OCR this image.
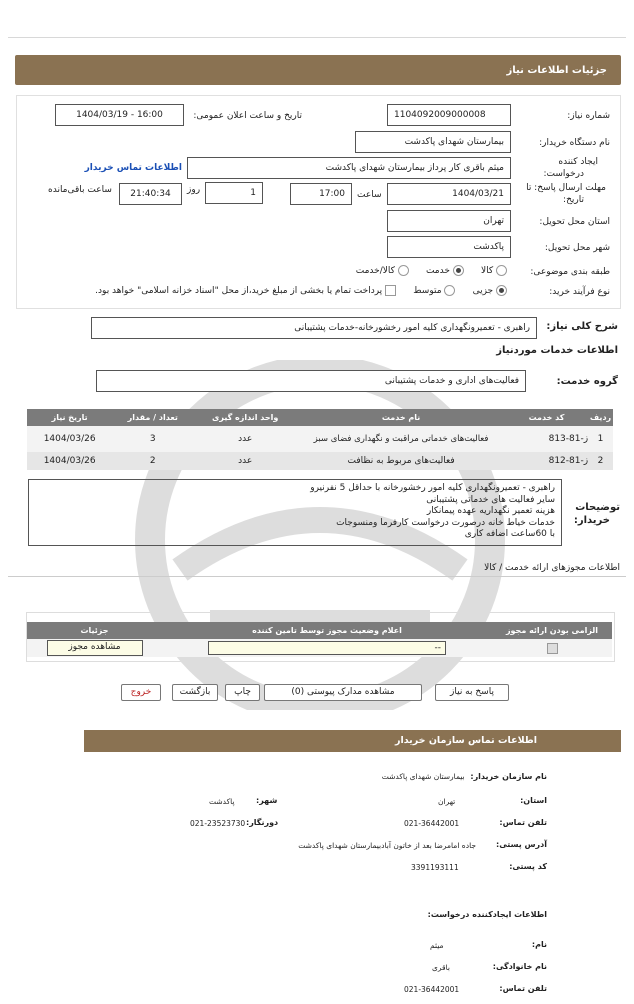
جزئیات اطلاعات نیاز
شماره نیاز:
1104092009000008
تاریخ و ساعت اعلان عمومی:
1404/03/19 - 16:00
نام دستگاه خریدار:
بیمارستان شهدای پاکدشت
ایجاد کننده
درخواست:
میثم باقری کار پرداز بیمارستان شهدای پاکدشت
اطلاعات تماس خریدار
مهلت ارسال پاسخ: تا
تاریخ:
1404/03/21
ساعت
17:00
1
روز
21:40:34
ساعت باقی‌مانده
استان محل تحویل:
تهران
شهر محل تحویل:
پاکدشت
طبقه بندی موضوعی:
کالا       خدمت       کالا/خدمت
نوع فرآیند خرید:
جزیی       متوسط       پرداخت تمام یا بخشی از مبلغ خرید،از محل "اسناد خزانه اسلامی" خواهد بود.
شرح کلی نیاز:
راهبری - تعمیرونگهداری کلیه امور رخشورخانه-خدمات پشتیبانی
اطلاعات خدمات موردنیاز
گروه خدمت:
فعالیت‌های اداری و خدمات پشتیبانی
ردیف	کد خدمت	نام خدمت	واحد اندازه گیری	تعداد / مقدار	تاریخ نیاز
1	ز-81-813	فعالیت‌های خدماتی مراقبت و نگهداری فضای سبز	عدد	3	1404/03/26
2	ز-81-812	فعالیت‌های مربوط به نظافت	عدد	2	1404/03/26
توضیحات
خریدار:
راهبری - تعمیرونگهداری کلیه امور رخشورخانه با حداقل 5 نفرنیرو
سایر فعالیت های خدماتی پشتیبانی
هزینه تعمیر نگهداریه عهده پیمانکار
خدمات خیاط خانه درصورت درخواست کارفرما ومنسوجات
با 60ساعت اضافه کاری
اطلاعات مجوزهای ارائه خدمت / کالا
الزامی بودن ارائه مجوز	اعلام وضعیت مجوز توسط تامین کننده	جزئیات

	--	مشاهده مجوز
پاسخ به نیاز
مشاهده مدارک پیوستی (0)
چاپ
بازگشت
خروج
اطلاعات تماس سازمان خریدار
نام سازمان خریدار:  بیمارستان شهدای پاکدشت
استان:
تهران
شهر:
پاکدشت
تلفن تماس:
021-36442001
دورنگار:
021-23523730
آدرس پستی:
جاده امامرضا بعد از خاتون آبادبیمارستان شهدای پاکدشت
کد پستی:
3391193111
اطلاعات ایجادکننده درخواست:
نام:
میثم
نام خانوادگی:
باقری
تلفن تماس:
021-36442001
